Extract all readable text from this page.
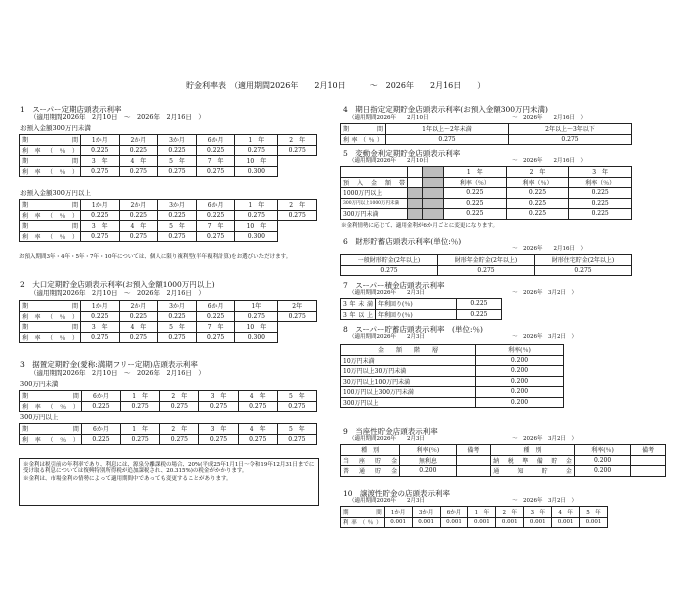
貯金利率表　（適用期間2026年　　2月10日　　　～　2026年　　2月16日　　）
1　スーパー定期店頭表示利率
（適用期間2026年　2月10日　～　2026年　2月16日　）
お預入金額300万円未満
期　間	1か月	2か月	3か月	6か月	1　年	2　年
利率（％）	0.225	0.225	0.225	0.225	0.275	0.275
期　間	3　年	4　年	5　年	7　年	10　年	
利率（％）	0.275	0.275	0.275	0.275	0.300	
お預入金額300万円以上
期　間	1か月	2か月	3か月	6か月	1　年	2　年
利率（％）	0.225	0.225	0.225	0.225	0.275	0.275
期　間	3　年	4　年	5　年	7　年	10　年	
利率（％）	0.275	0.275	0.275	0.275	0.300	
お預入期間3年・4年・5年・7年・10年については、個人に限り複利型(半年複利計算)をお選びいただけます。
2　大口定期貯金店頭表示利率(お預入金額1000万円以上)
（適用期間2026年　2月10日　～　2026年　2月16日　）
期　間	1か月	2か月	3か月	6か月	1年	2年
利率（％）	0.225	0.225	0.225	0.225	0.275	0.275
期　間	3　年	4　年	5　年	7　年	10　年	
利率（％）	0.275	0.275	0.275	0.275	0.300	
3　据置定期貯金(愛称:満期フリー定期)店頭表示利率
（適用期間2026年　2月10日　～　2026年　2月16日　）
300万円未満
期　間	6か月	1　年	2　年	3　年	4　年	5　年
利率（％）	0.225	0.275	0.275	0.275	0.275	0.275
300万円以上
期　間	6か月	1　年	2　年	3　年	4　年	5　年
利率（％）	0.225	0.275	0.275	0.275	0.275	0.275
※金利は税引前の年利率であり、利息には、源泉分離課税の場合、20%(平成25年1月1日～令和19年12月31日までに受け取る利息については復興特別所得税が追加課税され、20.315%)の税金がかかります。
※金利は、市場金利の情勢によって適用期間中であっても変更することがあります。
4　期日指定定期貯金店頭表示利率(お預入金額300万円未満)
（適用期間2026年　　2月10日	～　2026年　　2月16日　）
期　間	1年以上～2年未満	2年以上～3年以下
利率（％）	0.275	0.275
5　変動金利定期貯金店頭表示利率
（適用期間2026年　　2月10日	～　2026年　　2月16日　）
			1　年	2　年	3　年
預　入　金　額　帯			利率（％）	利率（％）	利率（％）
1000万円以上			0.225	0.225	0.225
300万円以上1000万円未満			0.225	0.225	0.225
300万円未満			0.225	0.225	0.225
※金利情勢に応じて、適用金利が6か月ごとに変更になります。
6　財形貯蓄店頭表示利率(単位:％)
～　2026年　　2月16日　）
一般財形貯金(2年以上)	財形年金貯金(2年以上)	財形住宅貯金(2年以上)
0.275	0.275	0.275
7　スーパー積金店頭表示利率
（適用期間2026年　　2月3日	～　2026年　3月2日　）
3年未満	年利回り(％)	0.225
3年以上	年利回り(％)	0.225
8　スーパー貯蓄店頭表示利率　(単位:％)
（適用期間2026年　　2月3日	～　2026年　3月2日　）
金　　額　　階　　層	利率(％)
10万円未満	0.200
10万円以上30万円未満	0.200
30万円以上100万円未満	0.200
100万円以上300万円未満	0.200
300万円以上	0.200
9　当座性貯金店頭表示利率
（適用期間2026年　　2月3日	～　2026年　3月2日　）
種　別	利率(％)	備考	種　別	利率(％)	備考
当座貯金	無利息		納税準備貯金	0.200	
普通貯金	0.200		通知貯金	0.200	
10　譲渡性貯金の店頭表示利率
（適用期間2026年　　2月3日	～　2026年　3月2日　）
期　間	1か月	3か月	6か月	1　年	2　年	3　年	4　年	5　年
利率（％）	0.001	0.001	0.001	0.001	0.001	0.001	0.001	0.001
